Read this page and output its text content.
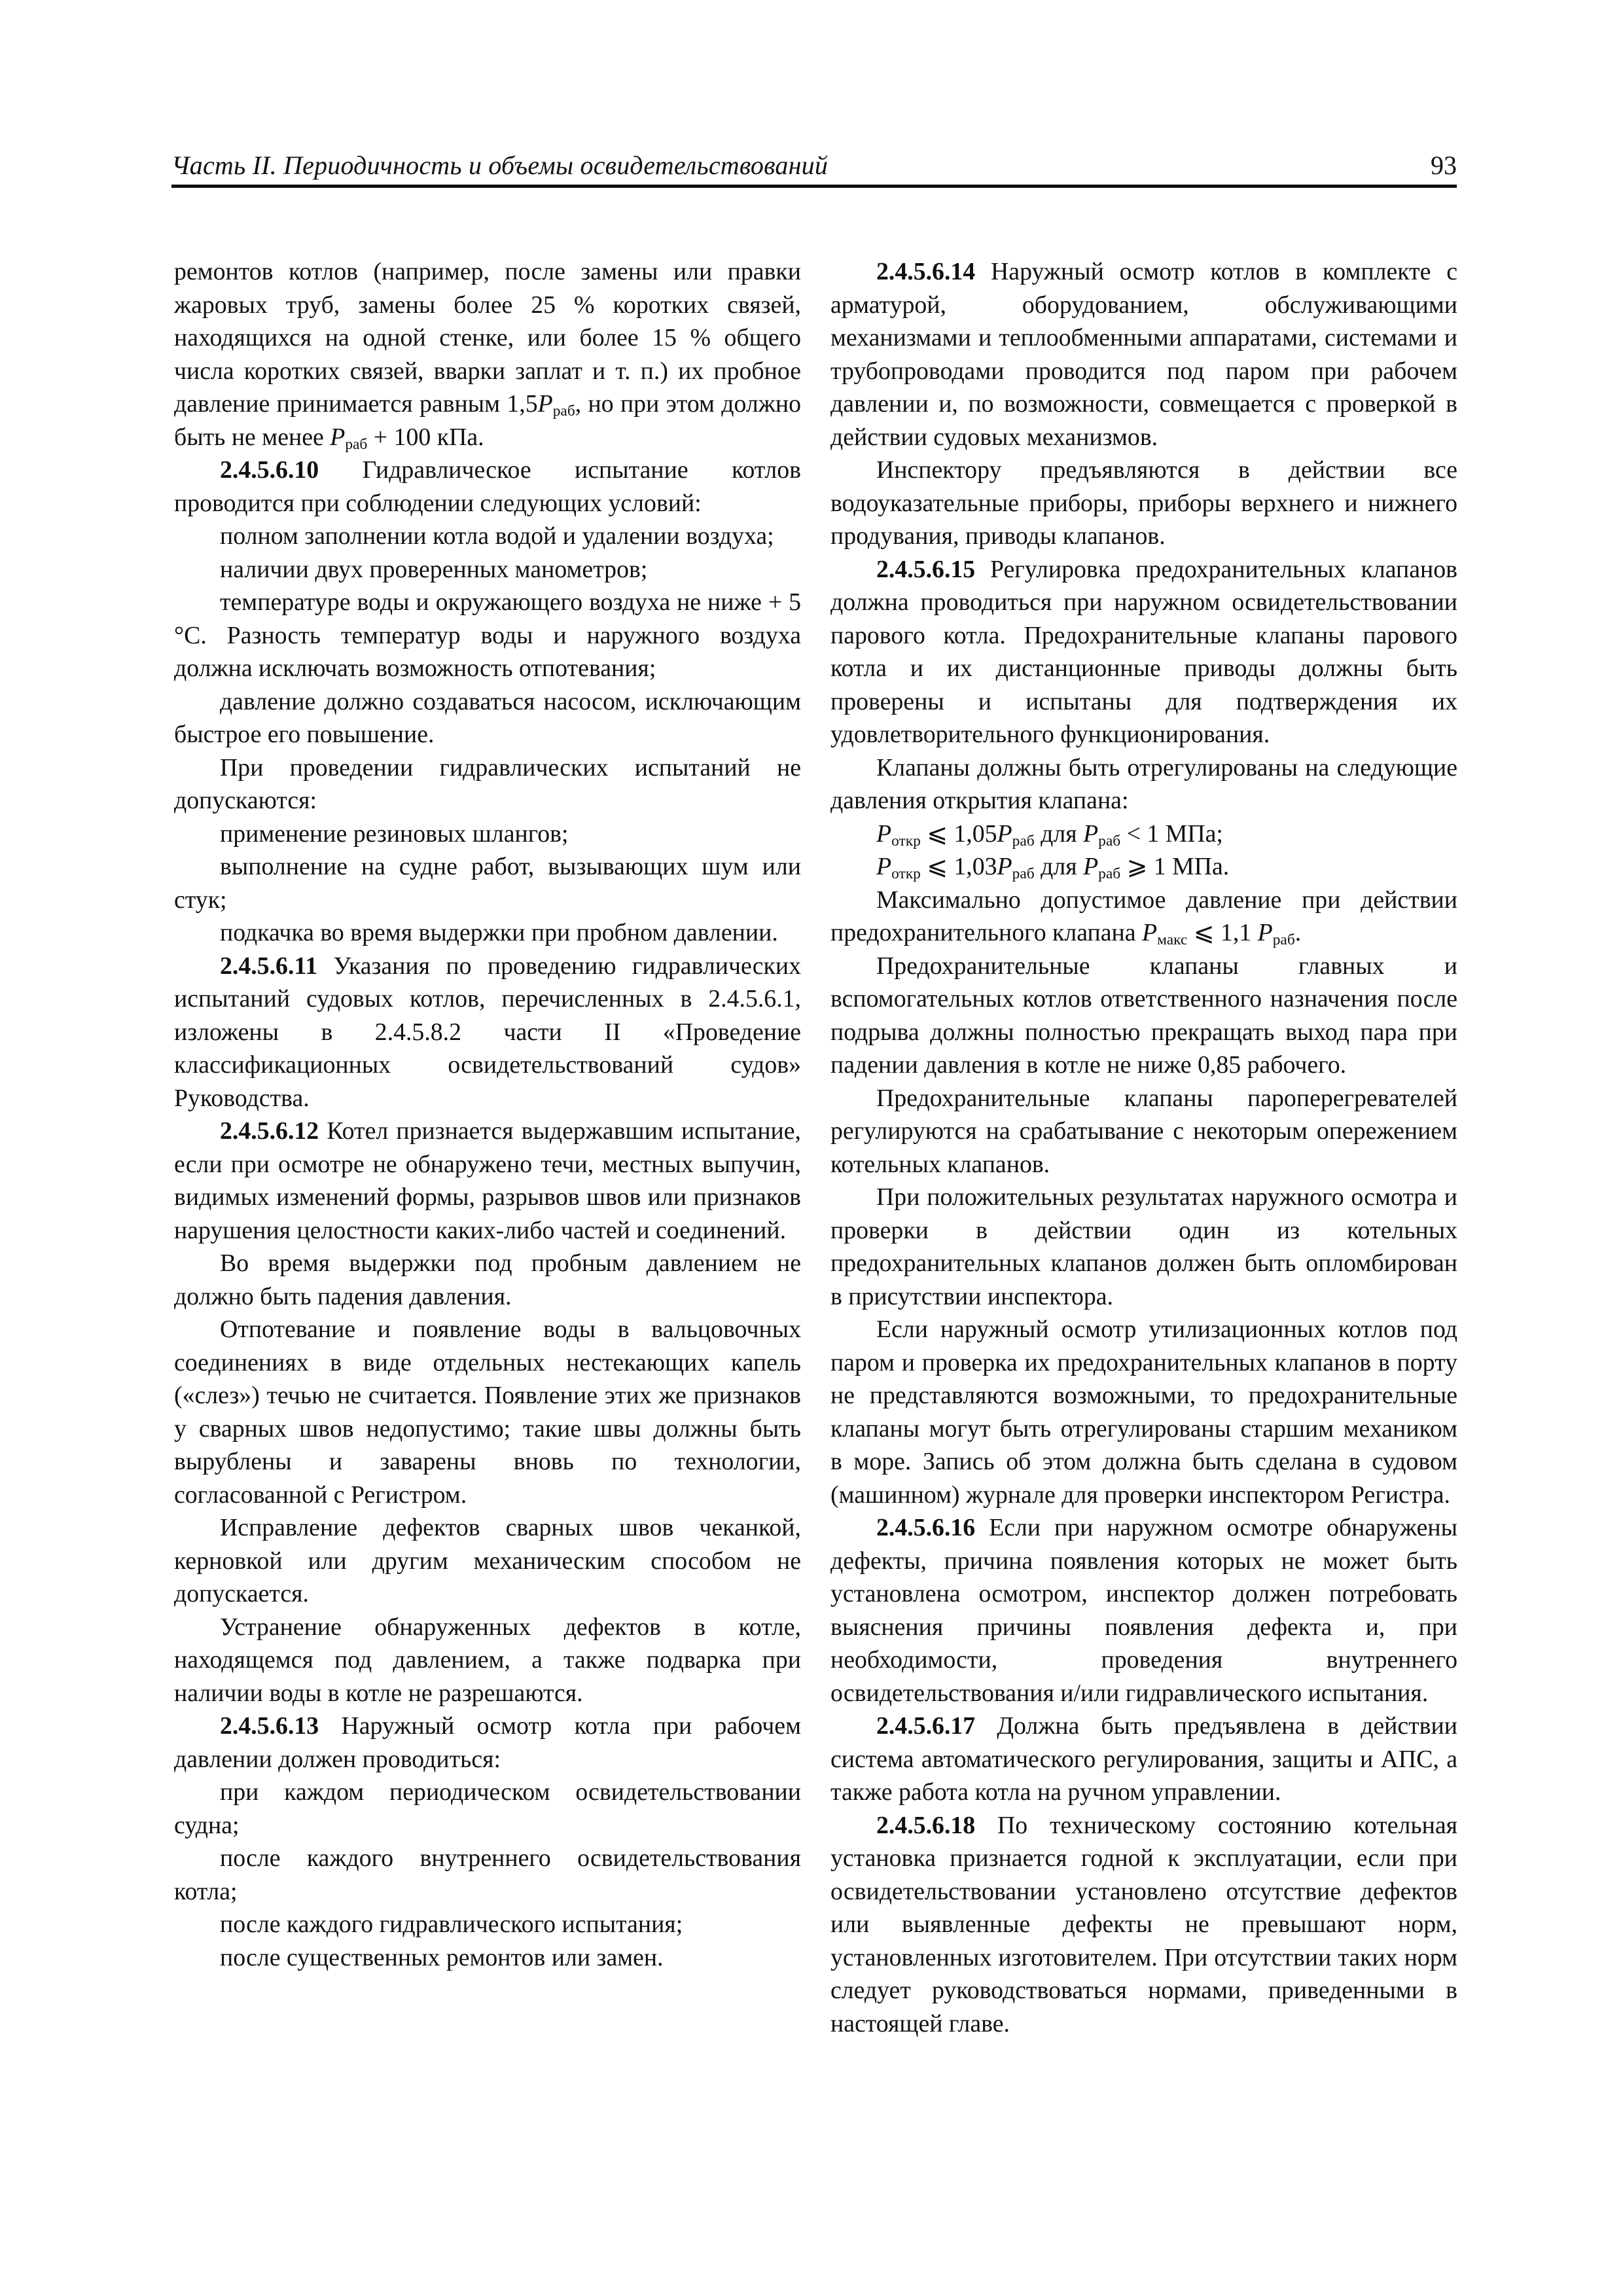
Часть II. Периодичность и объемы освидетельствований	93

ремонтов котлов (например, после замены или правки жаровых труб, замены более 25 % коротких связей, находящихся на одной стенке, или более 15 % общего числа коротких связей, вварки заплат и т. п.) их пробное давление принимается равным $1,5P_{раб}$, но при этом должно быть не менее $P_{раб} + 100$ кПа.

2.4.5.6.10 Гидравлическое испытание котлов проводится при соблюдении следующих условий:

полном заполнении котла водой и удалении воздуха;

наличии двух проверенных манометров;

температуре воды и окружающего воздуха не ниже + 5 °С. Разность температур воды и наружного воздуха должна исключать возможность отпотевания;

давление должно создаваться насосом, исключающим быстрое его повышение.

При проведении гидравлических испытаний не допускаются:

применение резиновых шлангов;

выполнение на судне работ, вызывающих шум или стук;

подкачка во время выдержки при пробном давлении.

2.4.5.6.11 Указания по проведению гидравлических испытаний судовых котлов, перечисленных в 2.4.5.6.1, изложены в 2.4.5.8.2 части II «Проведение классификационных освидетельствований судов» Руководства.

2.4.5.6.12 Котел признается выдержавшим испытание, если при осмотре не обнаружено течи, местных выпучин, видимых изменений формы, разрывов швов или признаков нарушения целостности каких-либо частей и соединений.

Во время выдержки под пробным давлением не должно быть падения давления.

Отпотевание и появление воды в вальцовочных соединениях в виде отдельных нестекающих капель («слез») течью не считается. Появление этих же признаков у сварных швов недопустимо; такие швы должны быть вырублены и заварены вновь по технологии, согласованной с Регистром.

Исправление дефектов сварных швов чеканкой, керновкой или другим механическим способом не допускается.

Устранение обнаруженных дефектов в котле, находящемся под давлением, а также подварка при наличии воды в котле не разрешаются.

2.4.5.6.13 Наружный осмотр котла при рабочем давлении должен проводиться:

при каждом периодическом освидетельствовании судна;

после каждого внутреннего освидетельствования котла;

после каждого гидравлического испытания;

после существенных ремонтов или замен.

2.4.5.6.14 Наружный осмотр котлов в комплекте с арматурой, оборудованием, обслуживающими механизмами и теплообменными аппаратами, системами и трубопроводами проводится под паром при рабочем давлении и, по возможности, совмещается с проверкой в действии судовых механизмов.

Инспектору предъявляются в действии все водоуказательные приборы, приборы верхнего и нижнего продувания, приводы клапанов.

2.4.5.6.15 Регулировка предохранительных клапанов должна проводиться при наружном освидетельствовании парового котла. Предохранительные клапаны парового котла и их дистанционные приводы должны быть проверены и испытаны для подтверждения их удовлетворительного функционирования.

Клапаны должны быть отрегулированы на следующие давления открытия клапана:

$P_{откр}$ ⩽ $1,05P_{раб}$ для $P_{раб} < 1$ МПа;

$P_{откр}$ ⩽ $1,03P_{раб}$ для $P_{раб}$ ⩾ 1 МПа.

Максимально допустимое давление при действии предохранительного клапана $P_{макс}$ ⩽ 1,1 $P_{раб}$.

Предохранительные клапаны главных и вспомогательных котлов ответственного назначения после подрыва должны полностью прекращать выход пара при падении давления в котле не ниже 0,85 рабочего.

Предохранительные клапаны пароперегревателей регулируются на срабатывание с некоторым опережением котельных клапанов.

При положительных результатах наружного осмотра и проверки в действии один из котельных предохранительных клапанов должен быть опломбирован в присутствии инспектора.

Если наружный осмотр утилизационных котлов под паром и проверка их предохранительных клапанов в порту не представляются возможными, то предохранительные клапаны могут быть отрегулированы старшим механиком в море. Запись об этом должна быть сделана в судовом (машинном) журнале для проверки инспектором Регистра.

2.4.5.6.16 Если при наружном осмотре обнаружены дефекты, причина появления которых не может быть установлена осмотром, инспектор должен потребовать выяснения причины появления дефекта и, при необходимости, проведения внутреннего освидетельствования и/или гидравлического испытания.

2.4.5.6.17 Должна быть предъявлена в действии система автоматического регулирования, защиты и АПС, а также работа котла на ручном управлении.

2.4.5.6.18 По техническому состоянию котельная установка признается годной к эксплуатации, если при освидетельствовании установлено отсутствие дефектов или выявленные дефекты не превышают норм, установленных изготовителем. При отсутствии таких норм следует руководствоваться нормами, приведенными в настоящей главе.
